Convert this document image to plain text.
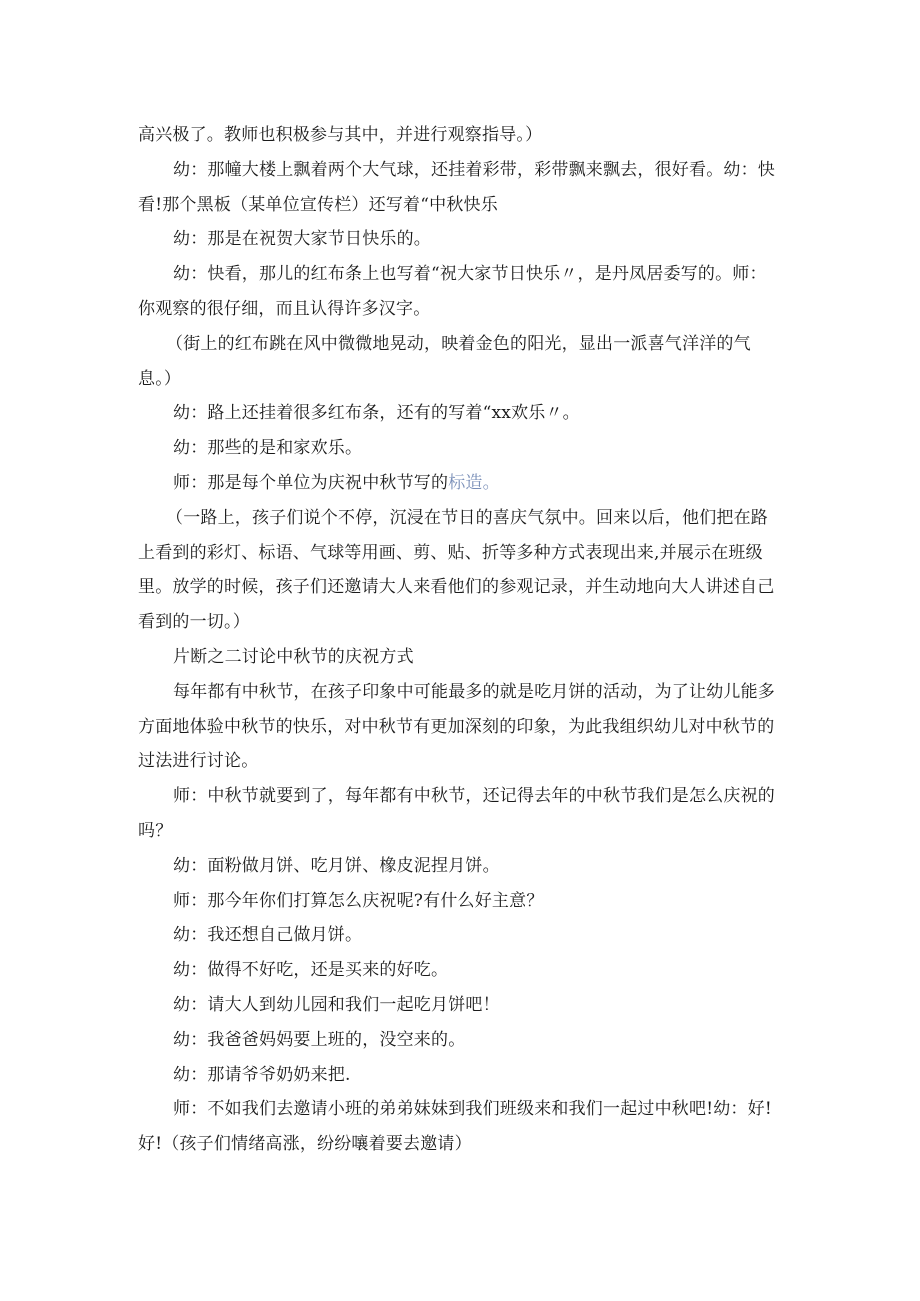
高兴极了。教师也积极参与其中，并进行观察指导。）

幼：那幢大楼上飘着两个大气球，还挂着彩带，彩带飘来飘去，很好看。幼：快看!那个黑板（某单位宣传栏）还写着“中秋快乐

幼：那是在祝贺大家节日快乐的。

幼：快看，那儿的红布条上也写着“祝大家节日快乐〃，是丹凤居委写的。师：你观察的很仔细，而且认得许多汉字。

（街上的红布跳在风中微微地晃动，映着金色的阳光，显出一派喜气洋洋的气息。）

幼：路上还挂着很多红布条，还有的写着“xx欢乐〃。

幼：那些的是和家欢乐。

师：那是每个单位为庆祝中秋节写的标造。

（一路上，孩子们说个不停，沉浸在节日的喜庆气氛中。回来以后，他们把在路上看到的彩灯、标语、气球等用画、剪、贴、折等多种方式表现出来,并展示在班级里。放学的时候，孩子们还邀请大人来看他们的参观记录，并生动地向大人讲述自己看到的一切。）

片断之二讨论中秋节的庆祝方式

每年都有中秋节，在孩子印象中可能最多的就是吃月饼的活动，为了让幼儿能多方面地体验中秋节的快乐，对中秋节有更加深刻的印象，为此我组织幼儿对中秋节的过法进行讨论。

师：中秋节就要到了，每年都有中秋节，还记得去年的中秋节我们是怎么庆祝的吗？

幼：面粉做月饼、吃月饼、橡皮泥捏月饼。

师：那今年你们打算怎么庆祝呢?有什么好主意？

幼：我还想自己做月饼。

幼：做得不好吃，还是买来的好吃。

幼：请大人到幼儿园和我们一起吃月饼吧！

幼：我爸爸妈妈要上班的，没空来的。

幼：那请爷爷奶奶来把.

师：不如我们去邀请小班的弟弟妹妹到我们班级来和我们一起过中秋吧!幼：好!好!（孩子们情绪高涨，纷纷嚷着要去邀请）
